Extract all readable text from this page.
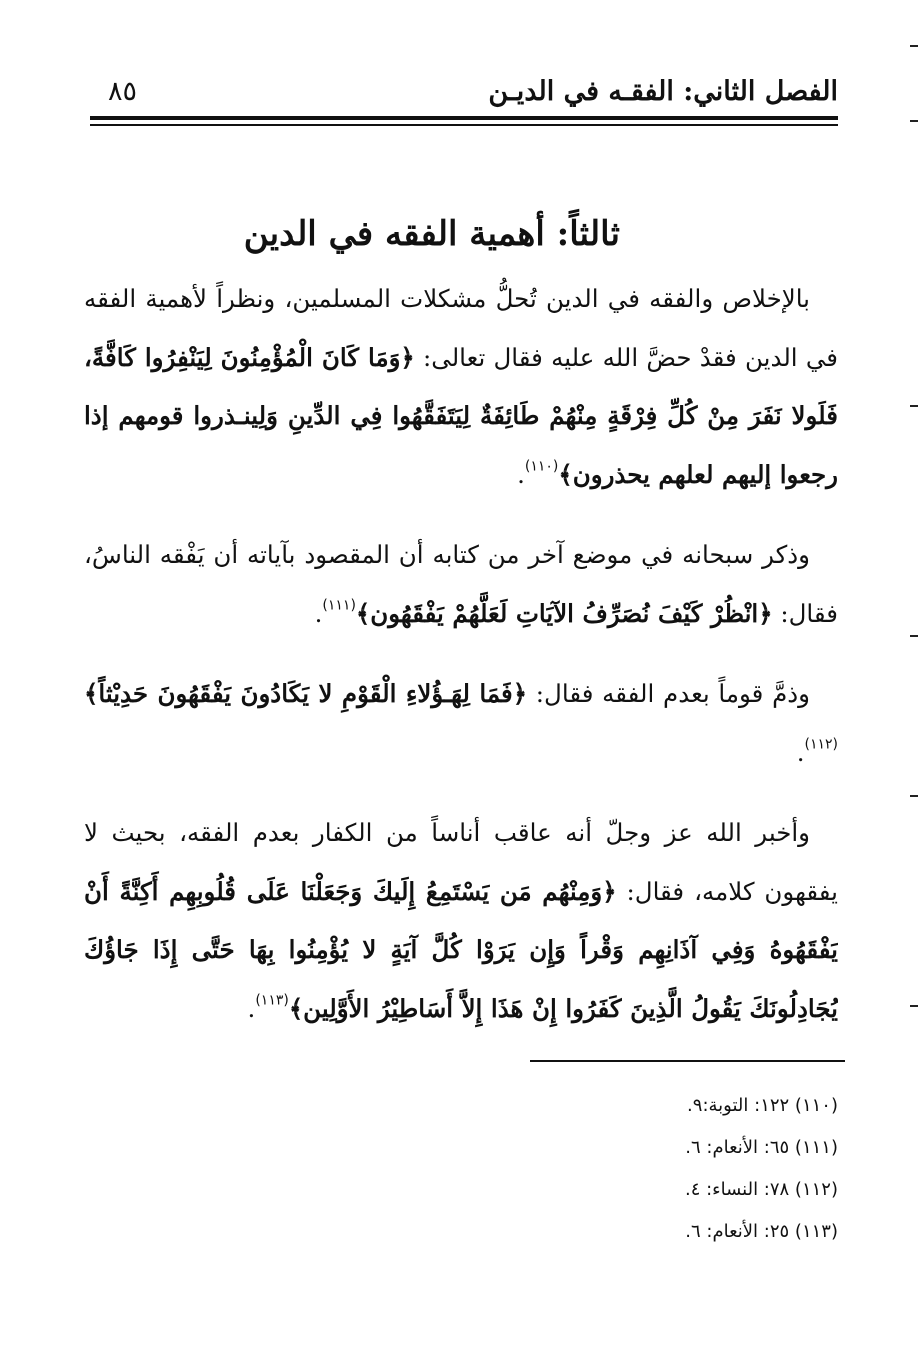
الفصل الثاني: الفقـه في الديـن
٨٥
ثالثاً: أهمية الفقه في الدين

بالإخلاص والفقه في الدين تُحلُّ مشكلات المسلمين، ونظراً لأهمية الفقه في الدين فقدْ حضَّ الله عليه فقال تعالى: ﴿وَمَا كَانَ الْمُؤْمِنُونَ لِيَنْفِرُوا كَافَّةً، فَلَولا نَفَرَ مِنْ كُلِّ فِرْقَةٍ مِنْهُمْ طَائِفَةٌ لِيَتَفَقَّهُوا فِي الدِّينِ وَلِينـذروا قومهم إذا رجعوا إليهم لعلهم يحذرون﴾$^{(١١٠)}$.

وذكر سبحانه في موضع آخر من كتابه أن المقصود بآياته أن يَفْقه الناسُ، فقال: ﴿انْظُرْ كَيْفَ نُصَرِّفُ الآيَاتِ لَعَلَّهُمْ يَفْقَهُون﴾$^{(١١١)}$.

وذمَّ قوماً بعدم الفقه فقال: ﴿فَمَا لِهَـؤُلاءِ الْقَوْمِ لا يَكَادُونَ يَفْقَهُونَ حَدِيْثاً﴾$^{(١١٢)}$.

وأخبر الله عز وجلّ أنه عاقب أناساً من الكفار بعدم الفقه، بحيث لا يفقهون كلامه، فقال: ﴿وَمِنْهُم مَن يَسْتَمِعُ إِلَيكَ وَجَعَلْنَا عَلَى قُلُوبِهِم أَكِنَّةً أَنْ يَفْقَهُوهُ وَفِي آذَانِهِم وَقْراً وَإِن يَرَوْا كُلَّ آيَةٍ لا يُؤْمِنُوا بِهَا حَتَّى إِذَا جَاؤُكَ يُجَادِلُونَكَ يَقُولُ الَّذِينَ كَفَرُوا إِنْ هَذَا إِلاَّ أَسَاطِيْرُ الأَوَّلِين﴾$^{(١١٣)}$.

(١١٠) ١٢٢: التوبة:٩.
(١١١) ٦٥: الأنعام: ٦.
(١١٢) ٧٨: النساء: ٤.
(١١٣) ٢٥: الأنعام: ٦.
